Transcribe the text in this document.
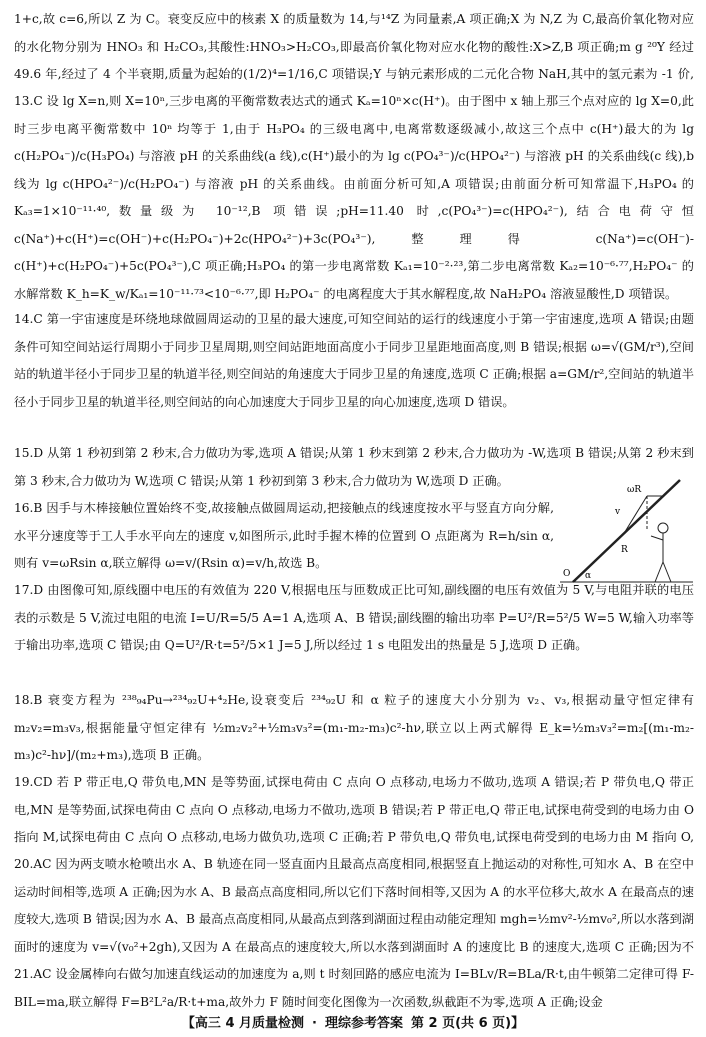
1+c,故 c=6,所以 Z 为 C。衰变反应中的核素 X 的质量数为 14,与¹⁴Z 为同量素,A 项正确;X 为 N,Z 为 C,最高价氧化物对应的水化物分别为 HNO₃ 和 H₂CO₃,其酸性:HNO₃>H₂CO₃,即最高价氧化物对应水化物的酸性:X>Z,B 项正确;m g ²⁰Y 经过 49.6 年,经过了 4 个半衰期,质量为起始的(1/2)⁴=1/16,C 项错误;Y 与钠元素形成的二元化合物 NaH,其中的氢元素为 -1 价,

13.C 设 lg X=n,则 X=10ⁿ,三步电离的平衡常数表达式的通式 Kₐ=10ⁿ×c(H⁺)。由于图中 x 轴上那三个点对应的 lg X=0,此时三步电离平衡常数中 10ⁿ 均等于 1,由于 H₃PO₄ 的三级电离中,电离常数逐级减小,故这三个点中 c(H⁺)最大的为 lg c(H₂PO₄⁻)/c(H₃PO₄) 与溶液 pH 的关系曲线(a 线),c(H⁺)最小的为 lg c(PO₄³⁻)/c(HPO₄²⁻) 与溶液 pH 的关系曲线(c 线),b 线为 lg c(HPO₄²⁻)/c(H₂PO₄⁻) 与溶液 pH 的关系曲线。由前面分析可知,A 项错误;由前面分析可知常温下,H₃PO₄ 的 Kₐ₃=1×10⁻¹¹·⁴⁰,数量级为 10⁻¹²,B 项错误;pH=11.40 时,c(PO₄³⁻)=c(HPO₄²⁻),结合电荷守恒 c(Na⁺)+c(H⁺)=c(OH⁻)+c(H₂PO₄⁻)+2c(HPO₄²⁻)+3c(PO₄³⁻),整理得 c(Na⁺)=c(OH⁻)-c(H⁺)+c(H₂PO₄⁻)+5c(PO₄³⁻),C 项正确;H₃PO₄ 的第一步电离常数 Kₐ₁=10⁻²·²³,第二步电离常数 Kₐ₂=10⁻⁶·⁷⁷,H₂PO₄⁻ 的水解常数 K_h=K_w/Kₐ₁=10⁻¹¹·⁷³<10⁻⁶·⁷⁷,即 H₂PO₄⁻ 的电离程度大于其水解程度,故 NaH₂PO₄ 溶液显酸性,D 项错误。

14.C 第一宇宙速度是环绕地球做圆周运动的卫星的最大速度,可知空间站的运行的线速度小于第一宇宙速度,选项 A 错误;由题条件可知空间站运行周期小于同步卫星周期,则空间站距地面高度小于同步卫星距地面高度,则 B 错误;根据 ω=√(GM/r³),空间站的轨道半径小于同步卫星的轨道半径,则空间站的角速度大于同步卫星的角速度,选项 C 正确;根据 a=GM/r²,空间站的轨道半径小于同步卫星的轨道半径,则空间站的向心加速度大于同步卫星的向心加速度,选项 D 错误。

15.D 从第 1 秒初到第 2 秒末,合力做功为零,选项 A 错误;从第 1 秒末到第 2 秒末,合力做功为 -W,选项 B 错误;从第 2 秒末到第 3 秒末,合力做功为 W,选项 C 错误;从第 1 秒初到第 3 秒末,合力做功为 W,选项 D 正确。

16.B 因手与木棒接触位置始终不变,故接触点做圆周运动,把接触点的线速度按水平与竖直方向分解,水平分速度等于工人手水平向左的速度 v,如图所示,此时手握木棒的位置到 O 点距离为 R=h/sin α,则有 v=ωRsin α,联立解得 ω=v/(Rsin α)=v/h,故选 B。

17.D 由图像可知,原线圈中电压的有效值为 220 V,根据电压与匝数成正比可知,副线圈的电压有效值为 5 V,与电阻并联的电压表的示数是 5 V,流过电阻的电流 I=U/R=5/5 A=1 A,选项 A、B 错误;副线圈的输出功率 P=U²/R=5²/5 W=5 W,输入功率等于输出功率,选项 C 错误;由 Q=U²/R·t=5²/5×1 J=5 J,所以经过 1 s 电阻发出的热量是 5 J,选项 D 正确。

18.B 衰变方程为 ²³⁸₉₄Pu→²³⁴₉₂U+⁴₂He,设衰变后 ²³⁴₉₂U 和 α 粒子的速度大小分别为 v₂、v₃,根据动量守恒定律有 m₂v₂=m₃v₃,根据能量守恒定律有 ½m₂v₂²+½m₃v₃²=(m₁-m₂-m₃)c²-hν,联立以上两式解得 E_k=½m₃v₃²=m₂[(m₁-m₂-m₃)c²-hν]/(m₂+m₃),选项 B 正确。

19.CD 若 P 带正电,Q 带负电,MN 是等势面,试探电荷由 C 点向 O 点移动,电场力不做功,选项 A 错误;若 P 带负电,Q 带正电,MN 是等势面,试探电荷由 C 点向 O 点移动,电场力不做功,选项 B 错误;若 P 带正电,Q 带正电,试探电荷受到的电场力由 O 指向 M,试探电荷由 C 点向 O 点移动,电场力做负功,选项 C 正确;若 P 带负电,Q 带负电,试探电荷受到的电场力由 M 指向 O,

20.AC 因为两支喷水枪喷出水 A、B 轨迹在同一竖直面内且最高点高度相同,根据竖直上抛运动的对称性,可知水 A、B 在空中运动时间相等,选项 A 正确;因为水 A、B 最高点高度相同,所以它们下落时间相等,又因为 A 的水平位移大,故水 A 在最高点的速度较大,选项 B 错误;因为水 A、B 最高点高度相同,从最高点到落到湖面过程由动能定理知 mgh=½mv²-½mv₀²,所以水落到湖面时的速度为 v=√(v₀²+2gh),又因为 A 在最高点的速度较大,所以水落到湖面时 A 的速度比 B 的速度大,选项 C 正确;因为不

21.AC 设金属棒向右做匀加速直线运动的加速度为 a,则 t 时刻回路的感应电流为 I=BLv/R=BLa/R·t,由牛顿第二定律可得 F-BIL=ma,联立解得 F=B²L²a/R·t+ma,故外力 F 随时间变化图像为一次函数,纵截距不为零,选项 A 正确;设金

ωR
v
R
O α
【高三 4 月质量检测 · 理综参考答案 第 2 页(共 6 页)】
